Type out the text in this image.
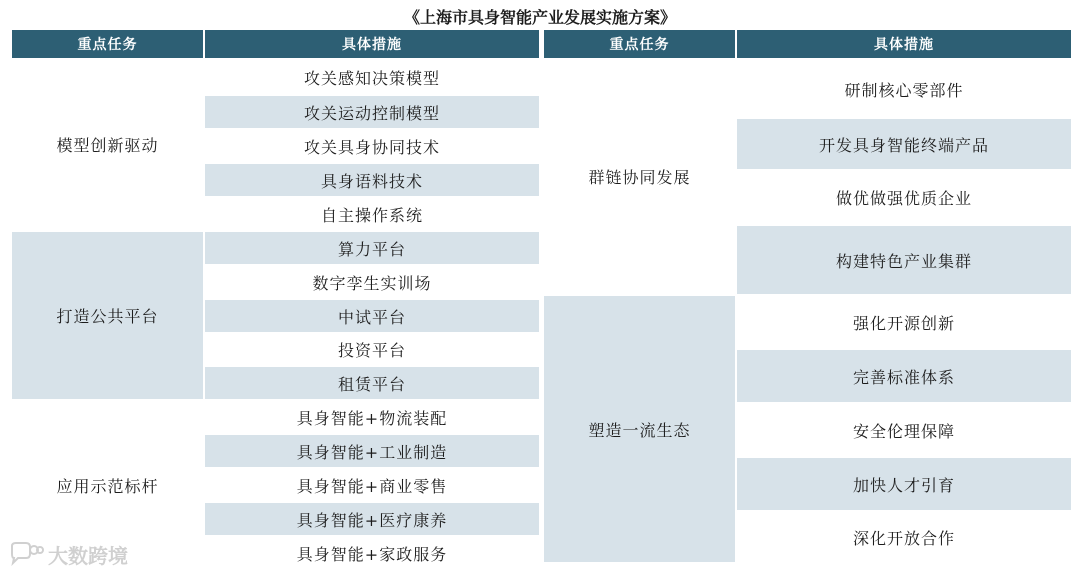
《上海市具身智能产业发展实施方案》
重点任务	具体措施
模型创新驱动
攻关感知决策模型
攻关运动控制模型
攻关具身协同技术
具身语料技术
自主操作系统
打造公共平台
算力平台
数字孪生实训场
中试平台
投资平台
租赁平台
应用示范标杆
具身智能+物流装配
具身智能+工业制造
具身智能+商业零售
具身智能+医疗康养
具身智能+家政服务
重点任务	具体措施
群链协同发展
研制核心零部件
开发具身智能终端产品
做优做强优质企业
构建特色产业集群
塑造一流生态
强化开源创新
完善标准体系
安全伦理保障
加快人才引育
深化开放合作
大数跨境
